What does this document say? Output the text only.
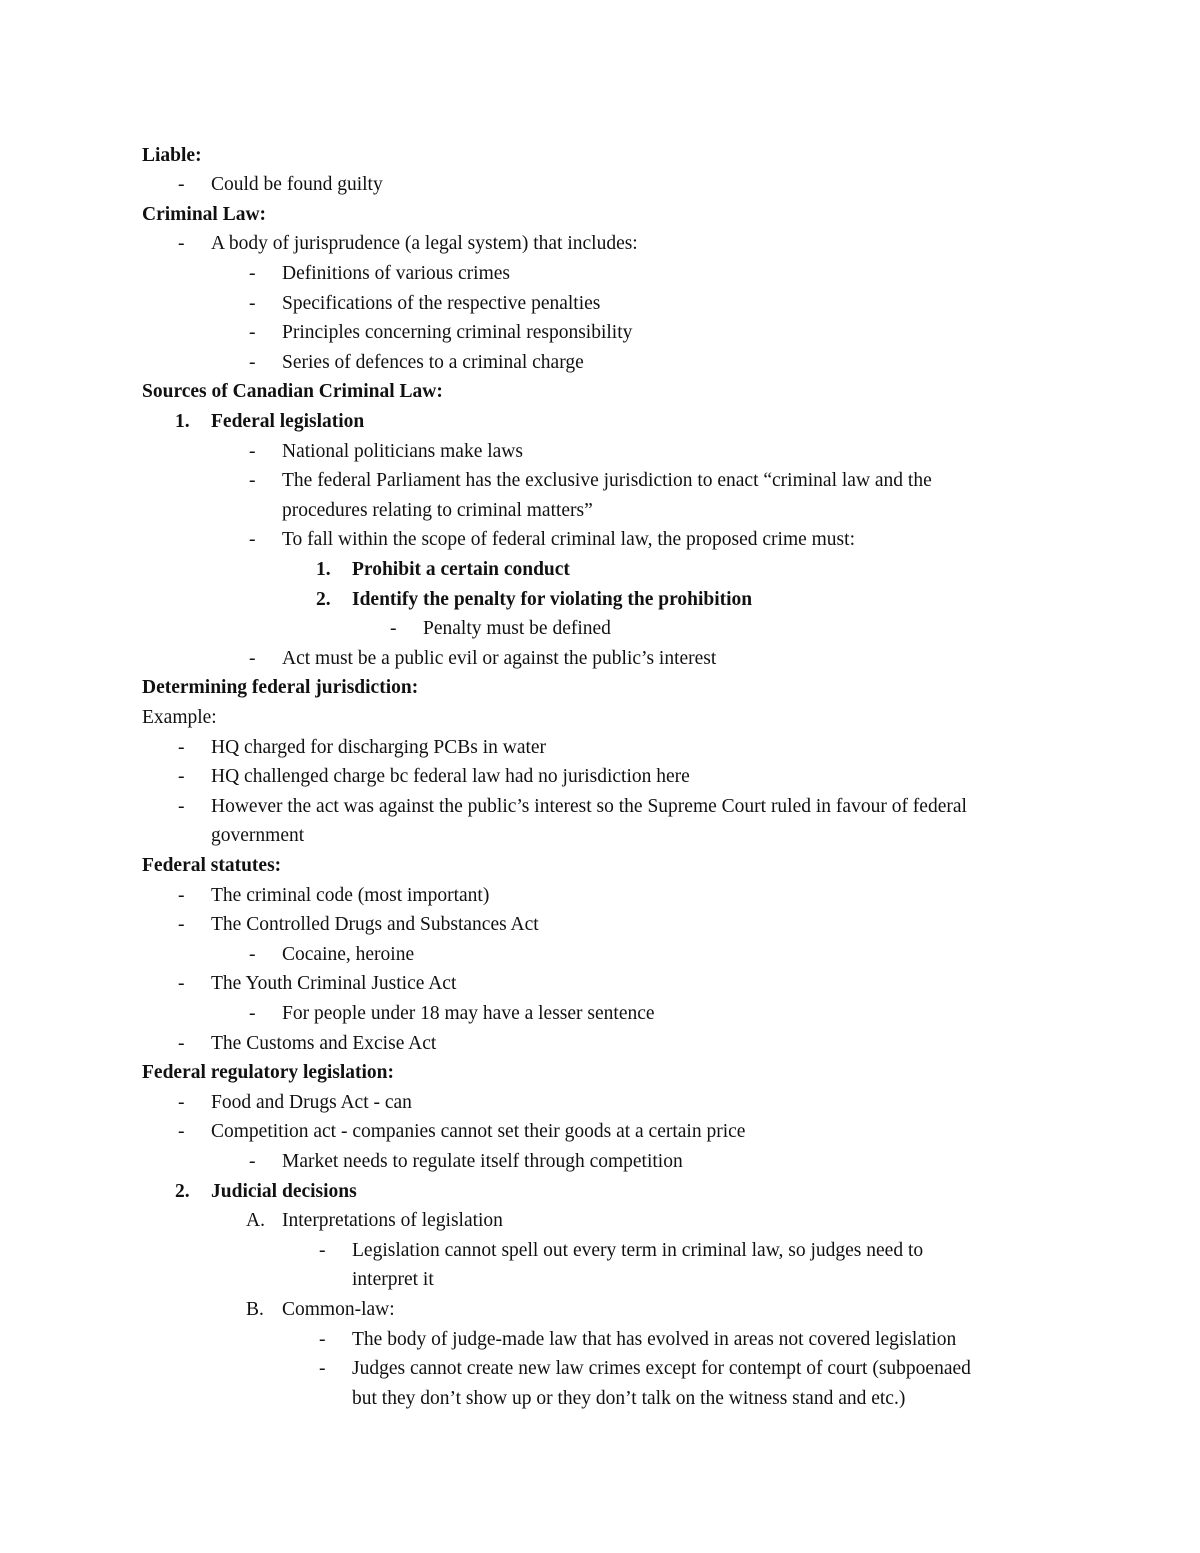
Liable:
- Could be found guilty
Criminal Law:
- A body of jurisprudence (a legal system) that includes:
- Definitions of various crimes
- Specifications of the respective penalties
- Principles concerning criminal responsibility
- Series of defences to a criminal charge
Sources of Canadian Criminal Law:
1. Federal legislation
- National politicians make laws
- The federal Parliament has the exclusive jurisdiction to enact “criminal law and the
procedures relating to criminal matters”
- To fall within the scope of federal criminal law, the proposed crime must:
1. Prohibit a certain conduct
2. Identify the penalty for violating the prohibition
- Penalty must be defined
- Act must be a public evil or against the public’s interest
Determining federal jurisdiction:
Example:
- HQ charged for discharging PCBs in water
- HQ challenged charge bc federal law had no jurisdiction here
- However the act was against the public’s interest so the Supreme Court ruled in favour of federal
government
Federal statutes:
- The criminal code (most important)
- The Controlled Drugs and Substances Act
- Cocaine, heroine
- The Youth Criminal Justice Act
- For people under 18 may have a lesser sentence
- The Customs and Excise Act
Federal regulatory legislation:
- Food and Drugs Act - can
- Competition act - companies cannot set their goods at a certain price
- Market needs to regulate itself through competition
2. Judicial decisions
A. Interpretations of legislation
- Legislation cannot spell out every term in criminal law, so judges need to
interpret it
B. Common-law:
- The body of judge-made law that has evolved in areas not covered legislation
- Judges cannot create new law crimes except for contempt of court (subpoenaed
but they don’t show up or they don’t talk on the witness stand and etc.)
